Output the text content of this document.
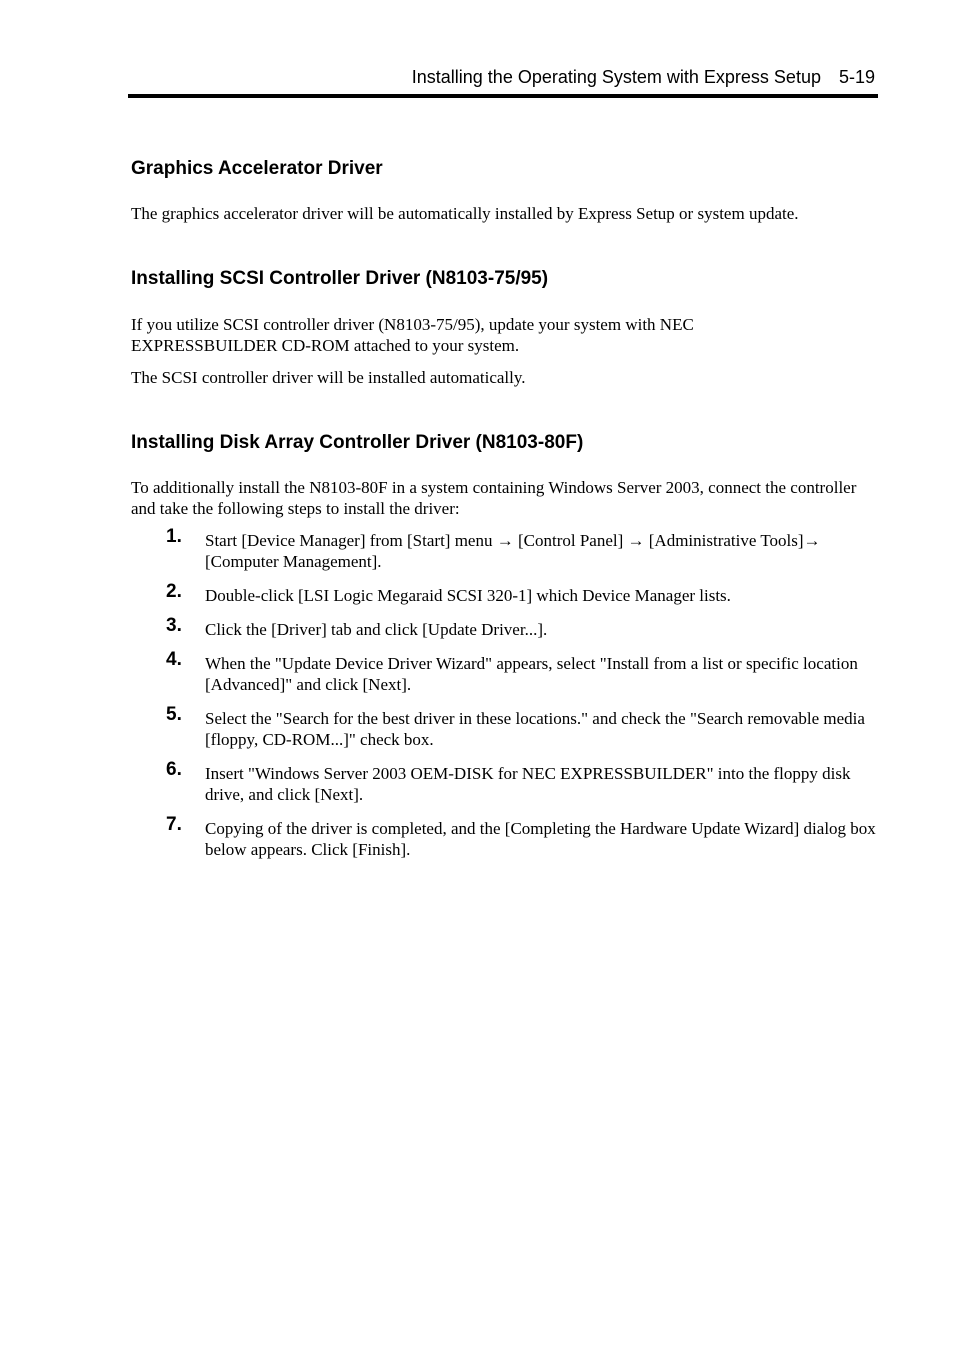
Installing the Operating System with Express Setup 5-19
Graphics Accelerator Driver

The graphics accelerator driver will be automatically installed by Express Setup or system update.

Installing SCSI Controller Driver (N8103-75/95)

If you utilize SCSI controller driver (N8103-75/95), update your system with NEC EXPRESSBUILDER CD-ROM attached to your system.

The SCSI controller driver will be installed automatically.

Installing Disk Array Controller Driver (N8103-80F)

To additionally install the N8103-80F in a system containing Windows Server 2003, connect the controller and take the following steps to install the driver:

1. Start [Device Manager] from [Start] menu → [Control Panel] → [Administrative Tools]→ [Computer Management].
2. Double-click [LSI Logic Megaraid SCSI 320-1] which Device Manager lists.
3. Click the [Driver] tab and click [Update Driver...].
4. When the "Update Device Driver Wizard" appears, select "Install from a list or specific location [Advanced]" and click [Next].
5. Select the "Search for the best driver in these locations." and check the "Search removable media [floppy, CD-ROM...]" check box.
6. Insert "Windows Server 2003 OEM-DISK for NEC EXPRESSBUILDER" into the floppy disk drive, and click [Next].
7. Copying of the driver is completed, and the [Completing the Hardware Update Wizard] dialog box below appears. Click [Finish].
